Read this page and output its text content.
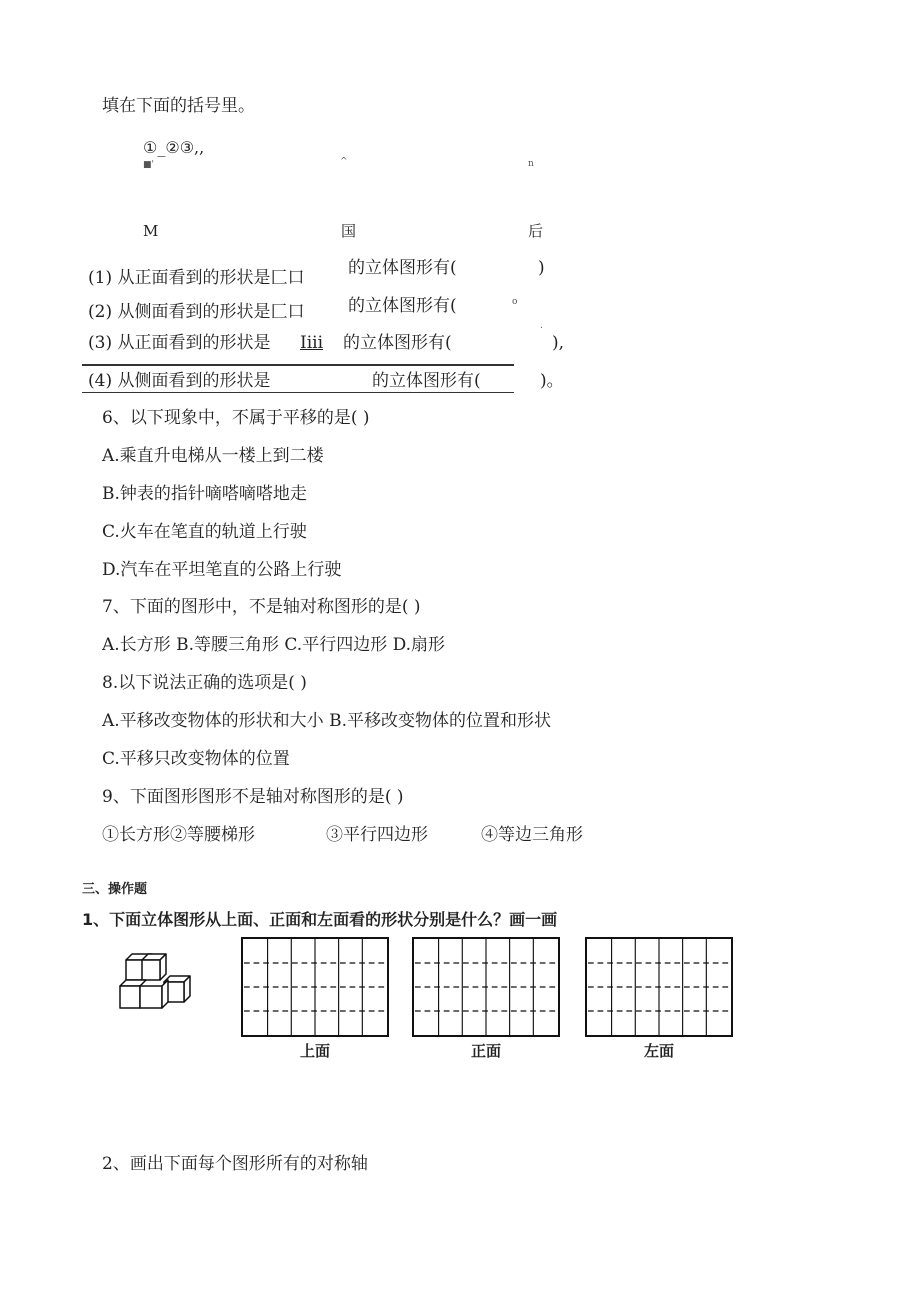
填在下面的括号里。
①_②③,,
■'	^	n
M	国	后
(1) 从正面看到的形状是匚口	的立体图形有(	)
(2) 从侧面看到的形状是匚口	的立体图形有(	o
.
(3) 从正面看到的形状是 Iiii 的立体图形有(	),
(4) 从侧面看到的形状是	的立体图形有(	)。
6、以下现象中，不属于平移的是( )
A.乘直升电梯从一楼上到二楼
B.钟表的指针嘀嗒嘀嗒地走
C.火车在笔直的轨道上行驶
D.汽车在平坦笔直的公路上行驶
7、下面的图形中，不是轴对称图形的是( )
A.长方形 B.等腰三角形 C.平行四边形 D.扇形
8.以下说法正确的选项是( )
A.平移改变物体的形状和大小 B.平移改变物体的位置和形状
C.平移只改变物体的位置
9、下面图形图形不是轴对称图形的是( )
①长方形②等腰梯形	③平行四边形	④等边三角形
三、操作题
1、下面立体图形从上面、正面和左面看的形状分别是什么？画一画
上面	正面	左面
2、画出下面每个图形所有的对称轴
